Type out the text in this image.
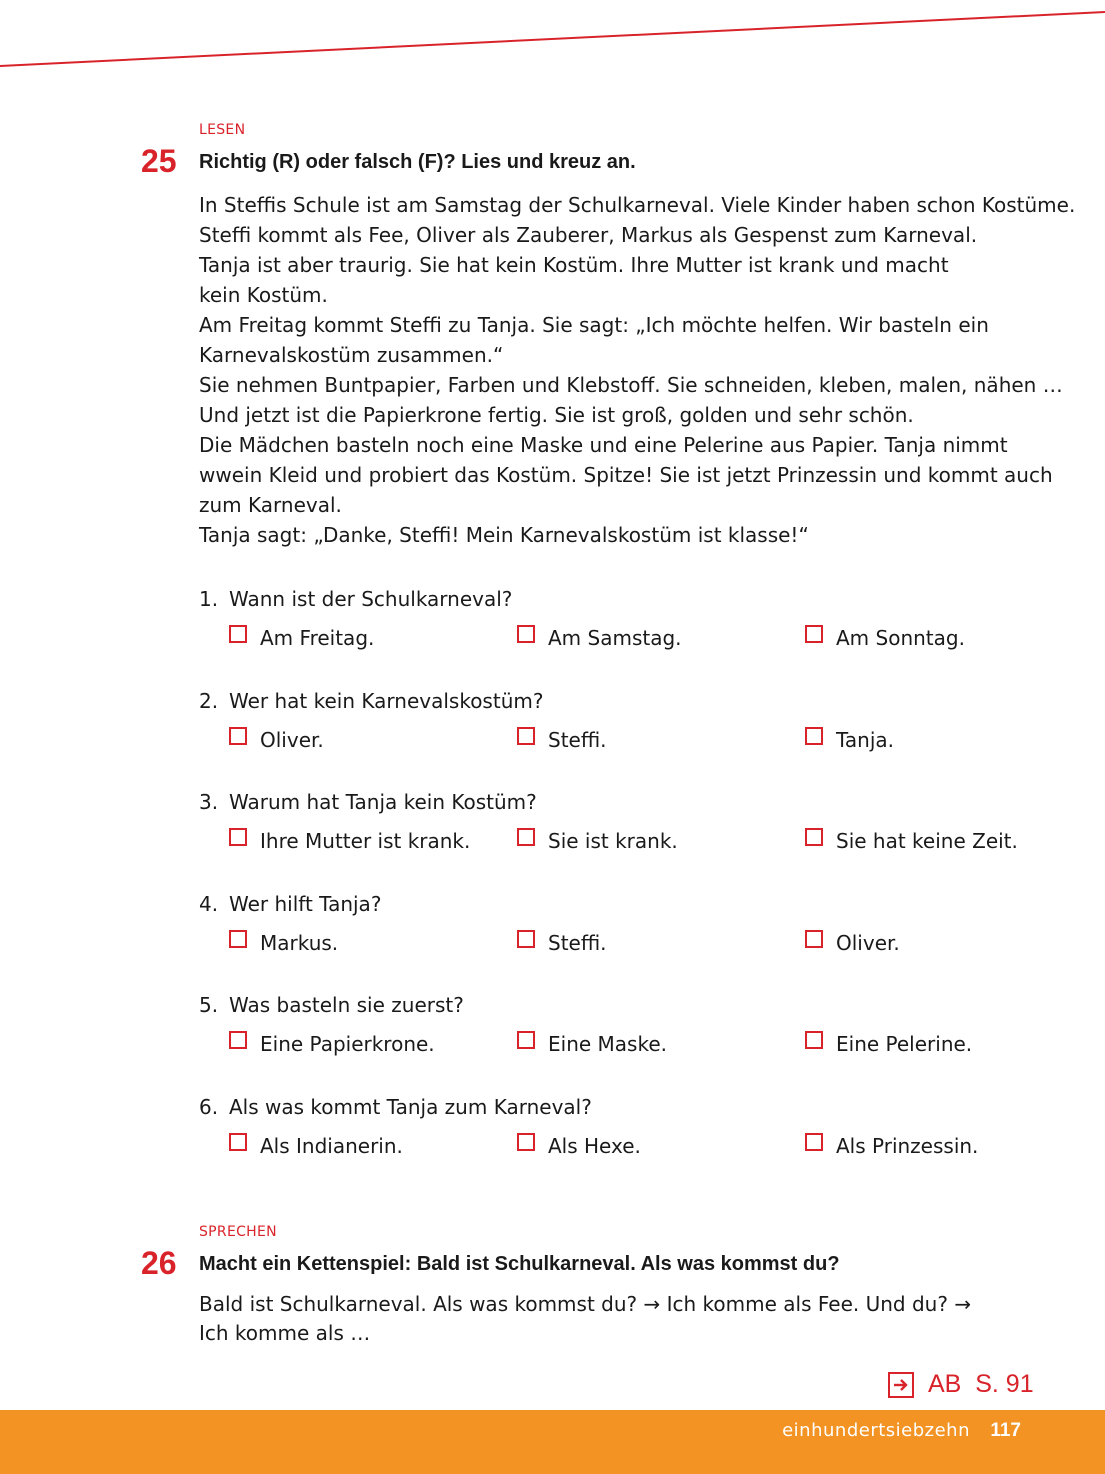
LESEN
25 Richtig (R) oder falsch (F)? Lies und kreuz an.
In Steffis Schule ist am Samstag der Schulkarneval. Viele Kinder haben schon Kostüme.
Steffi kommt als Fee, Oliver als Zauberer, Markus als Gespenst zum Karneval.
Tanja ist aber traurig. Sie hat kein Kostüm. Ihre Mutter ist krank und macht
kein Kostüm.
Am Freitag kommt Steffi zu Tanja. Sie sagt: „Ich möchte helfen. Wir basteln ein
Karnevalskostüm zusammen.“
Sie nehmen Buntpapier, Farben und Klebstoff. Sie schneiden, kleben, malen, nähen …
Und jetzt ist die Papierkrone fertig. Sie ist groß, golden und sehr schön.
Die Mädchen basteln noch eine Maske und eine Pelerine aus Papier. Tanja nimmt
wwein Kleid und probiert das Kostüm. Spitze! Sie ist jetzt Prinzessin und kommt auch
zum Karneval.
Tanja sagt: „Danke, Steffi! Mein Karnevalskostüm ist klasse!“
1. Wann ist der Schulkarneval?
Am Freitag.	Am Samstag.	Am Sonntag.
2. Wer hat kein Karnevalskostüm?
Oliver.	Steffi.	Tanja.
3. Warum hat Tanja kein Kostüm?
Ihre Mutter ist krank.	Sie ist krank.	Sie hat keine Zeit.
4. Wer hilft Tanja?
Markus.	Steffi.	Oliver.
5. Was basteln sie zuerst?
Eine Papierkrone.	Eine Maske.	Eine Pelerine.
6. Als was kommt Tanja zum Karneval?
Als Indianerin.	Als Hexe.	Als Prinzessin.
SPRECHEN
26 Macht ein Kettenspiel: Bald ist Schulkarneval. Als was kommst du?
Bald ist Schulkarneval. Als was kommst du? → Ich komme als Fee. Und du? →
Ich komme als …
AB  S. 91
einhundertsiebzehn 117
